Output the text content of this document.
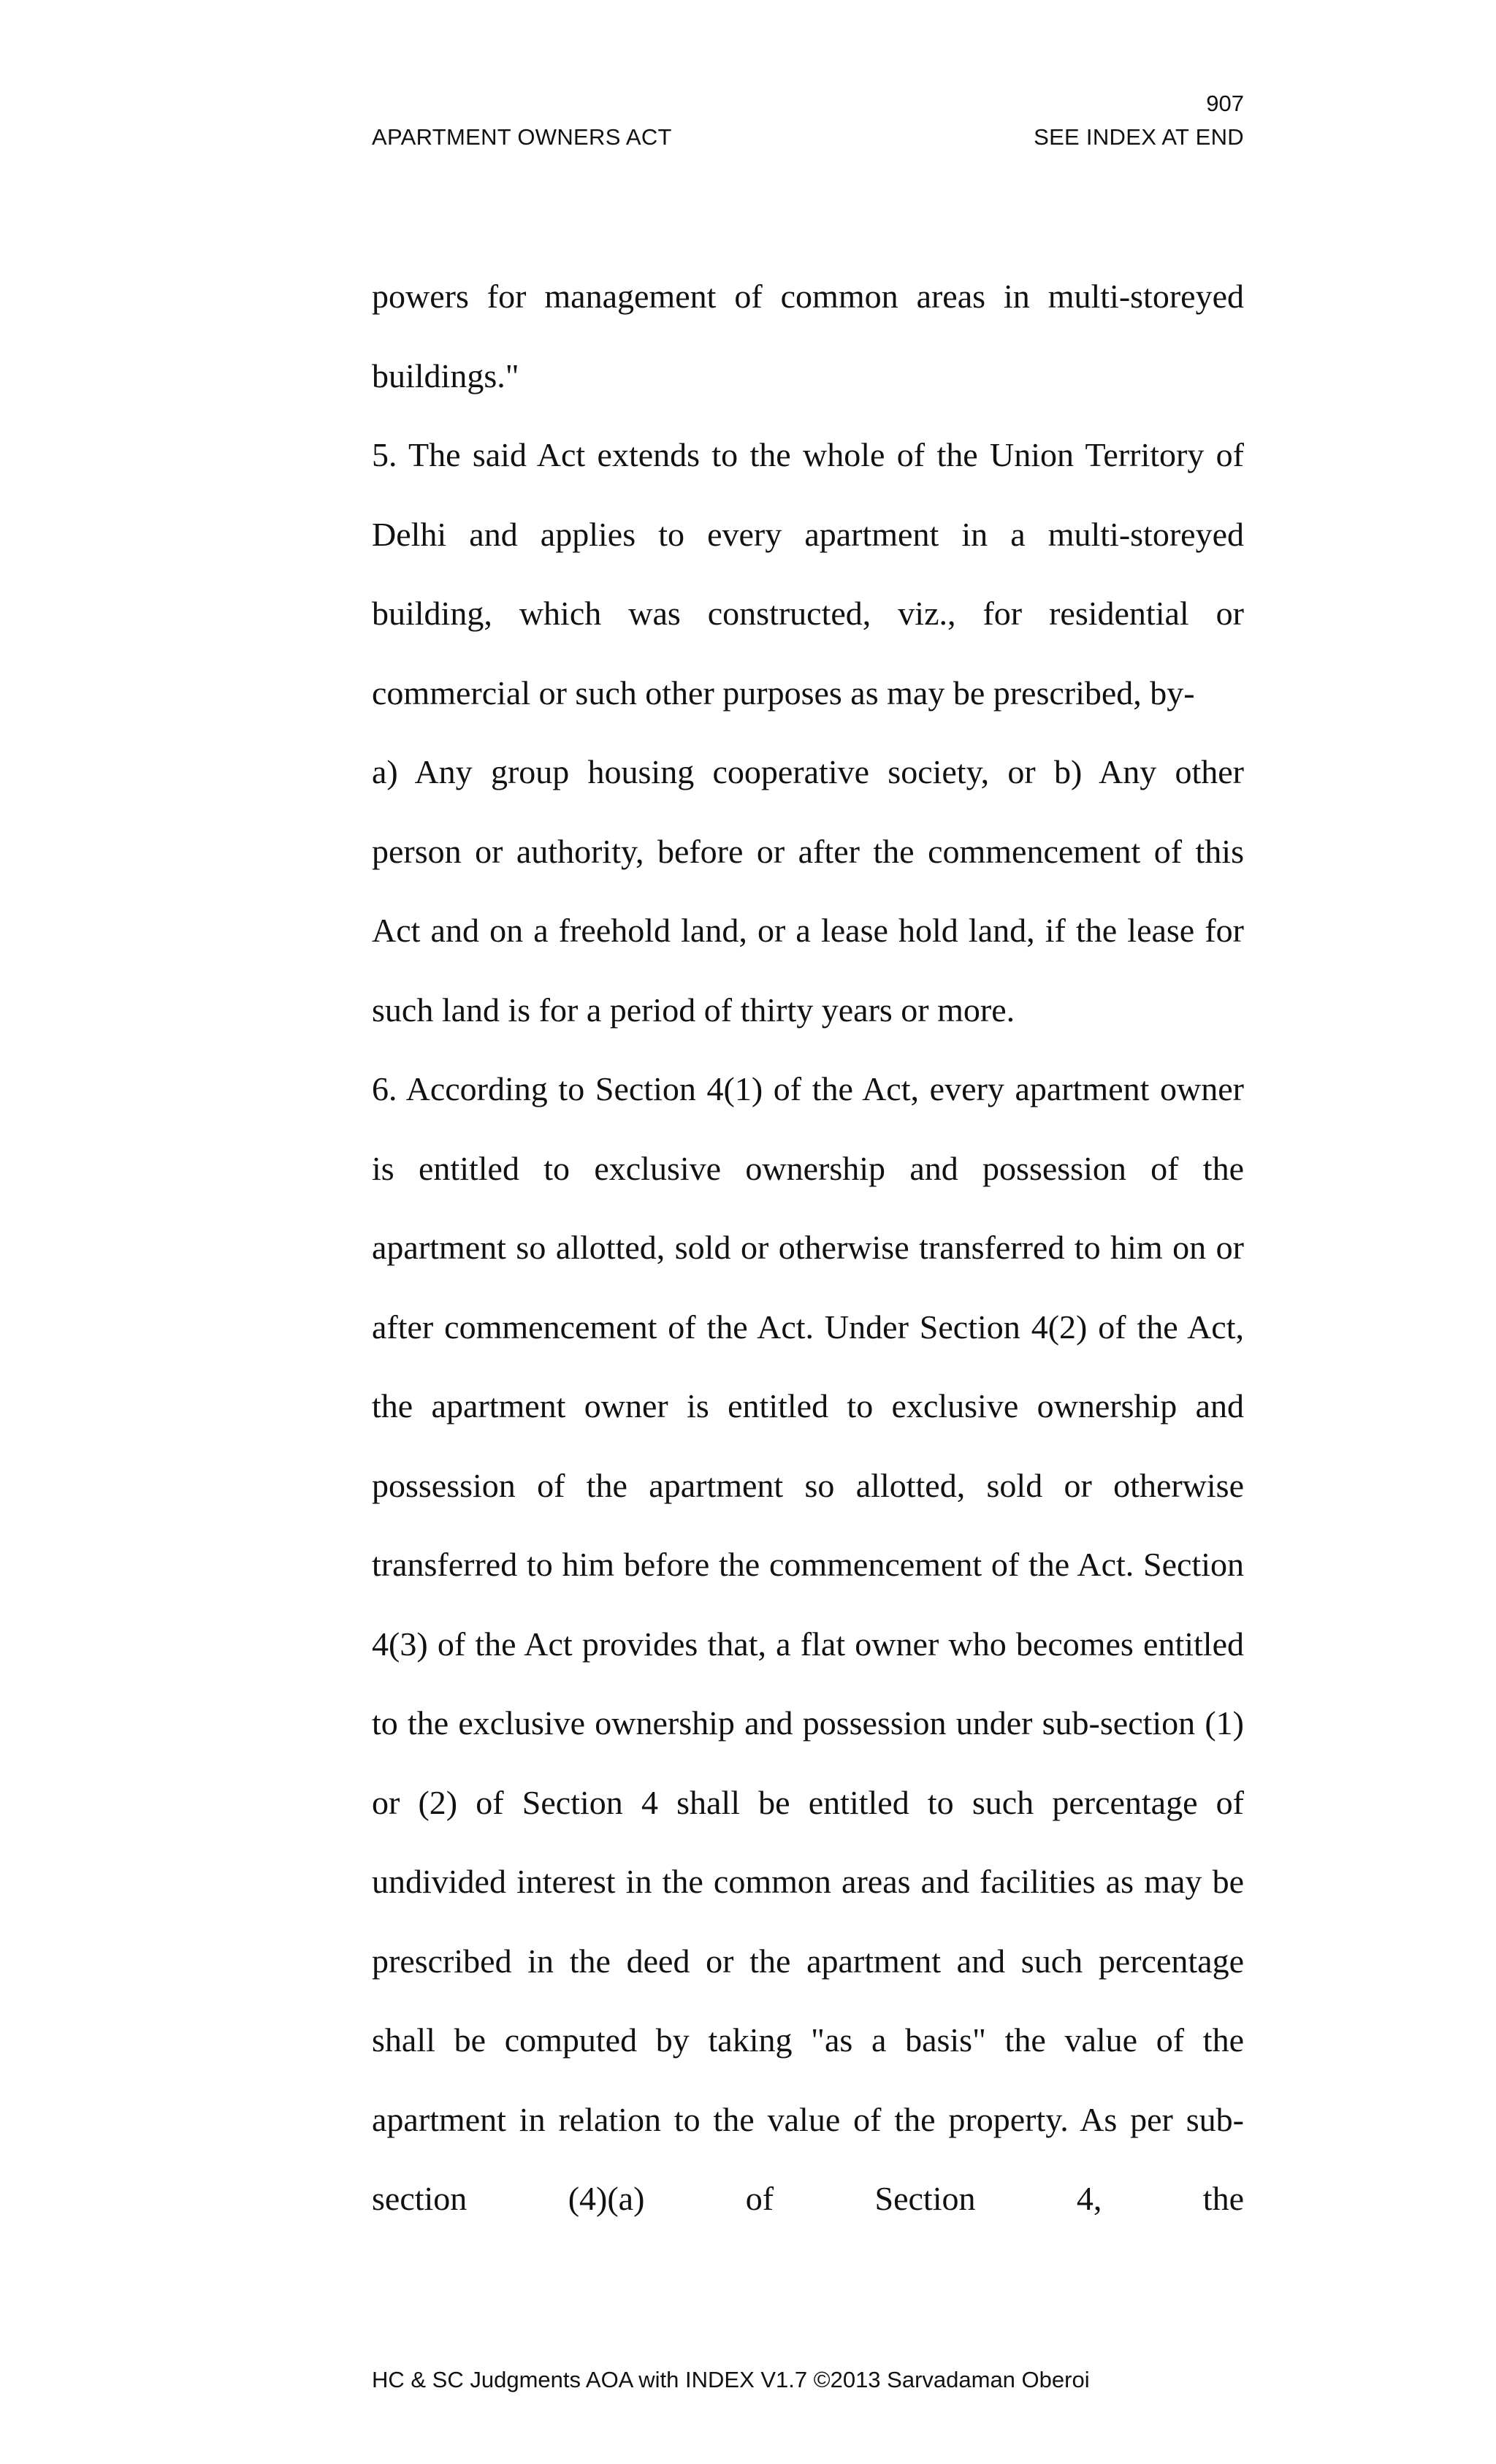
907
APARTMENT OWNERS ACT	SEE INDEX AT END

powers for management of common areas in multi-storeyed buildings."

5. The said Act extends to the whole of the Union Territory of Delhi and applies to every apartment in a multi-storeyed building, which was constructed, viz., for residential or commercial or such other purposes as may be prescribed, by-

a) Any group housing cooperative society, or b) Any other person or authority, before or after the commencement of this Act and on a freehold land, or a lease hold land, if the lease for such land is for a period of thirty years or more.

6. According to Section 4(1) of the Act, every apartment owner is entitled to exclusive ownership and possession of the apartment so allotted, sold or otherwise transferred to him on or after commencement of the Act. Under Section 4(2) of the Act, the apartment owner is entitled to exclusive ownership and possession of the apartment so allotted, sold or otherwise transferred to him before the commencement of the Act. Section 4(3) of the Act provides that, a flat owner who becomes entitled to the exclusive ownership and possession under sub-section (1) or (2) of Section 4 shall be entitled to such percentage of undivided interest in the common areas and facilities as may be prescribed in the deed or the apartment and such percentage shall be computed by taking "as a basis" the value of the apartment in relation to the value of the property. As per sub- section (4)(a) of Section 4, the

HC & SC Judgments AOA with INDEX V1.7 ©2013 Sarvadaman Oberoi
